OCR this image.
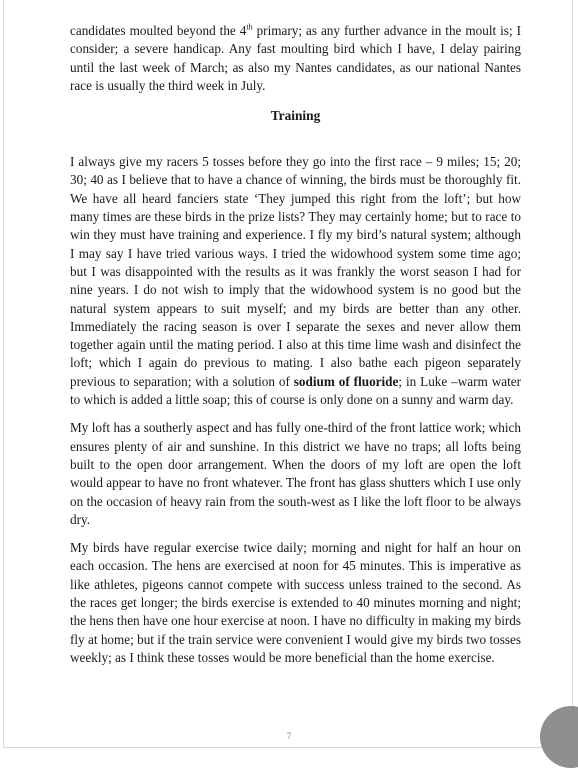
candidates moulted beyond the 4th primary; as any further advance in the moult is; I consider; a severe handicap. Any fast moulting bird which I have, I delay pairing until the last week of March; as also my Nantes candidates, as our national Nantes race is usually the third week in July.

Training

I always give my racers 5 tosses before they go into the first race – 9 miles; 15; 20; 30; 40 as I believe that to have a chance of winning, the birds must be thoroughly fit. We have all heard fanciers state ‘They jumped this right from the loft’; but how many times are these birds in the prize lists? They may certainly home; but to race to win they must have training and experience. I fly my bird’s natural system; although I may say I have tried various ways. I tried the widowhood system some time ago; but I was disappointed with the results as it was frankly the worst season I had for nine years. I do not wish to imply that the widowhood system is no good but the natural system appears to suit myself; and my birds are better than any other. Immediately the racing season is over I separate the sexes and never allow them together again until the mating period. I also at this time lime wash and disinfect the loft; which I again do previous to mating. I also bathe each pigeon separately previous to separation; with a solution of sodium of fluoride; in Luke –warm water to which is added a little soap; this of course is only done on a sunny and warm day.

My loft has a southerly aspect and has fully one-third of the front lattice work; which ensures plenty of air and sunshine. In this district we have no traps; all lofts being built to the open door arrangement. When the doors of my loft are open the loft would appear to have no front whatever. The front has glass shutters which I use only on the occasion of heavy rain from the south-west as I like the loft floor to be always dry.

My birds have regular exercise twice daily; morning and night for half an hour on each occasion. The hens are exercised at noon for 45 minutes. This is imperative as like athletes, pigeons cannot compete with success unless trained to the second. As the races get longer; the birds exercise is extended to 40 minutes morning and night; the hens then have one hour exercise at noon. I have no difficulty in making my birds fly at home; but if the train service were convenient I would give my birds two tosses weekly; as I think these tosses would be more beneficial than the home exercise.

7
